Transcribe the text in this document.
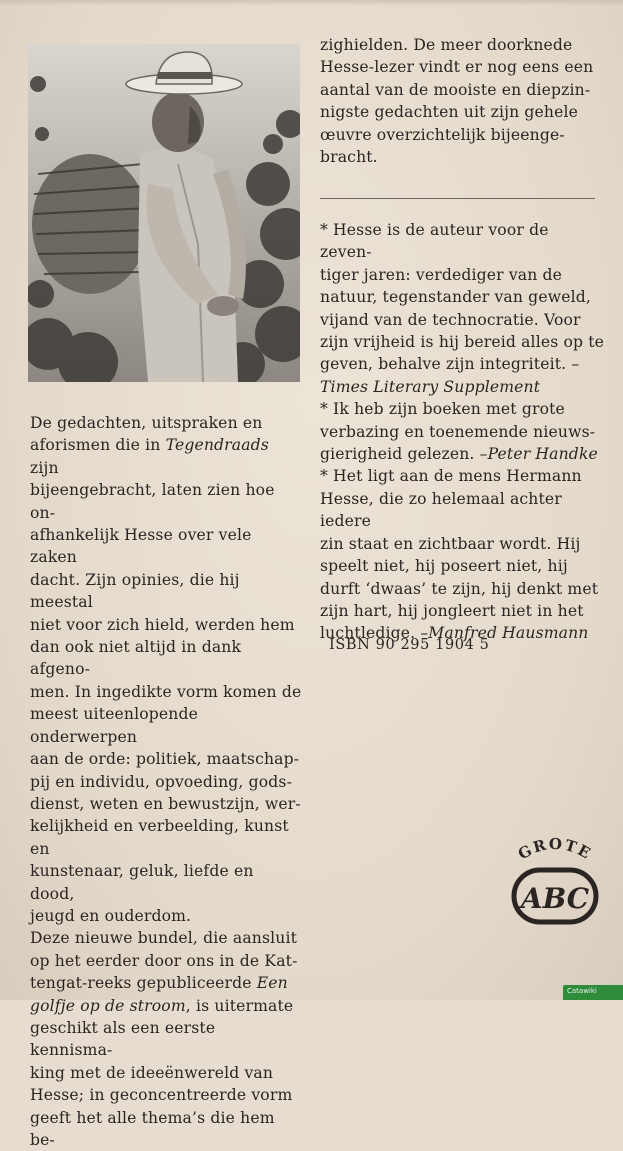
zighielden. De meer doorknede

Hesse-lezer vindt er nog eens een

aantal van de mooiste en diepzin-

nigste gedachten uit zijn gehele

œuvre overzichtelijk bijeenge-

bracht.

* Hesse is de auteur voor de zeven-

tiger jaren: verdediger van de

natuur, tegenstander van geweld,

vijand van de technocratie. Voor

zijn vrijheid is hij bereid alles op te

geven, behalve zijn integriteit. –

Times Literary Supplement

* Ik heb zijn boeken met grote

verbazing en toenemende nieuws-

gierigheid gelezen. –Peter Handke

* Het ligt aan de mens Hermann

Hesse, die zo helemaal achter iedere

zin staat en zichtbaar wordt. Hij

speelt niet, hij poseert niet, hij

durft ‘dwaas’ te zijn, hij denkt met

zijn hart, hij jongleert niet in het

luchtledige. –Manfred Hausmann

ISBN 90 295 1904 5

De gedachten, uitspraken en

aforismen die in Tegendraads zijn

bijeengebracht, laten zien hoe on-

afhankelijk Hesse over vele zaken

dacht. Zijn opinies, die hij meestal

niet voor zich hield, werden hem

dan ook niet altijd in dank afgeno-

men. In ingedikte vorm komen de

meest uiteenlopende onderwerpen

aan de orde: politiek, maatschap-

pij en individu, opvoeding, gods-

dienst, weten en bewustzijn, wer-

kelijkheid en verbeelding, kunst en

kunstenaar, geluk, liefde en dood,

jeugd en ouderdom.

Deze nieuwe bundel, die aansluit

op het eerder door ons in de Kat-

tengat-reeks gepubliceerde Een

golfje op de stroom, is uitermate

geschikt als een eerste kennisma-

king met de ideeënwereld van

Hesse; in geconcentreerde vorm

geeft het alle thema’s die hem be-

GROTE
ABC
Catawiki
